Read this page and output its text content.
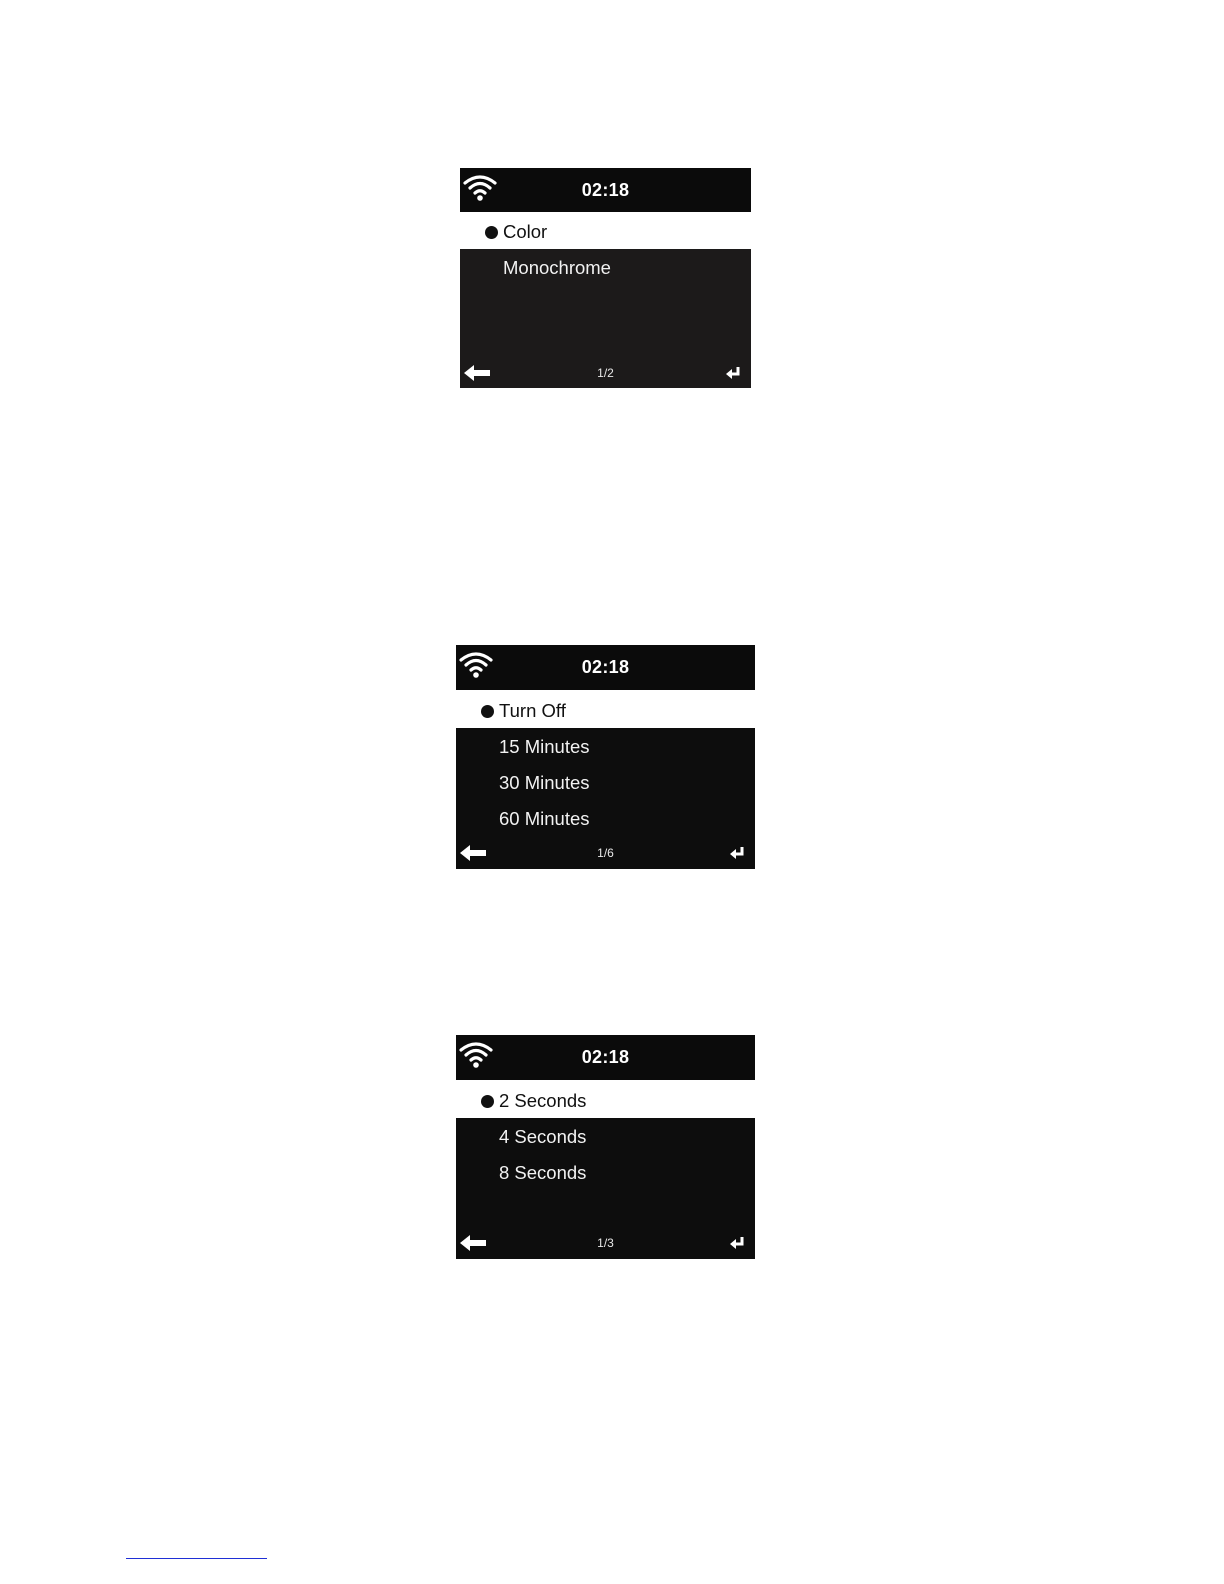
02:18
Color
Monochrome
1/2
02:18
Turn Off
15 Minutes
30 Minutes
60 Minutes
1/6
02:18
2 Seconds
4 Seconds
8 Seconds
1/3
